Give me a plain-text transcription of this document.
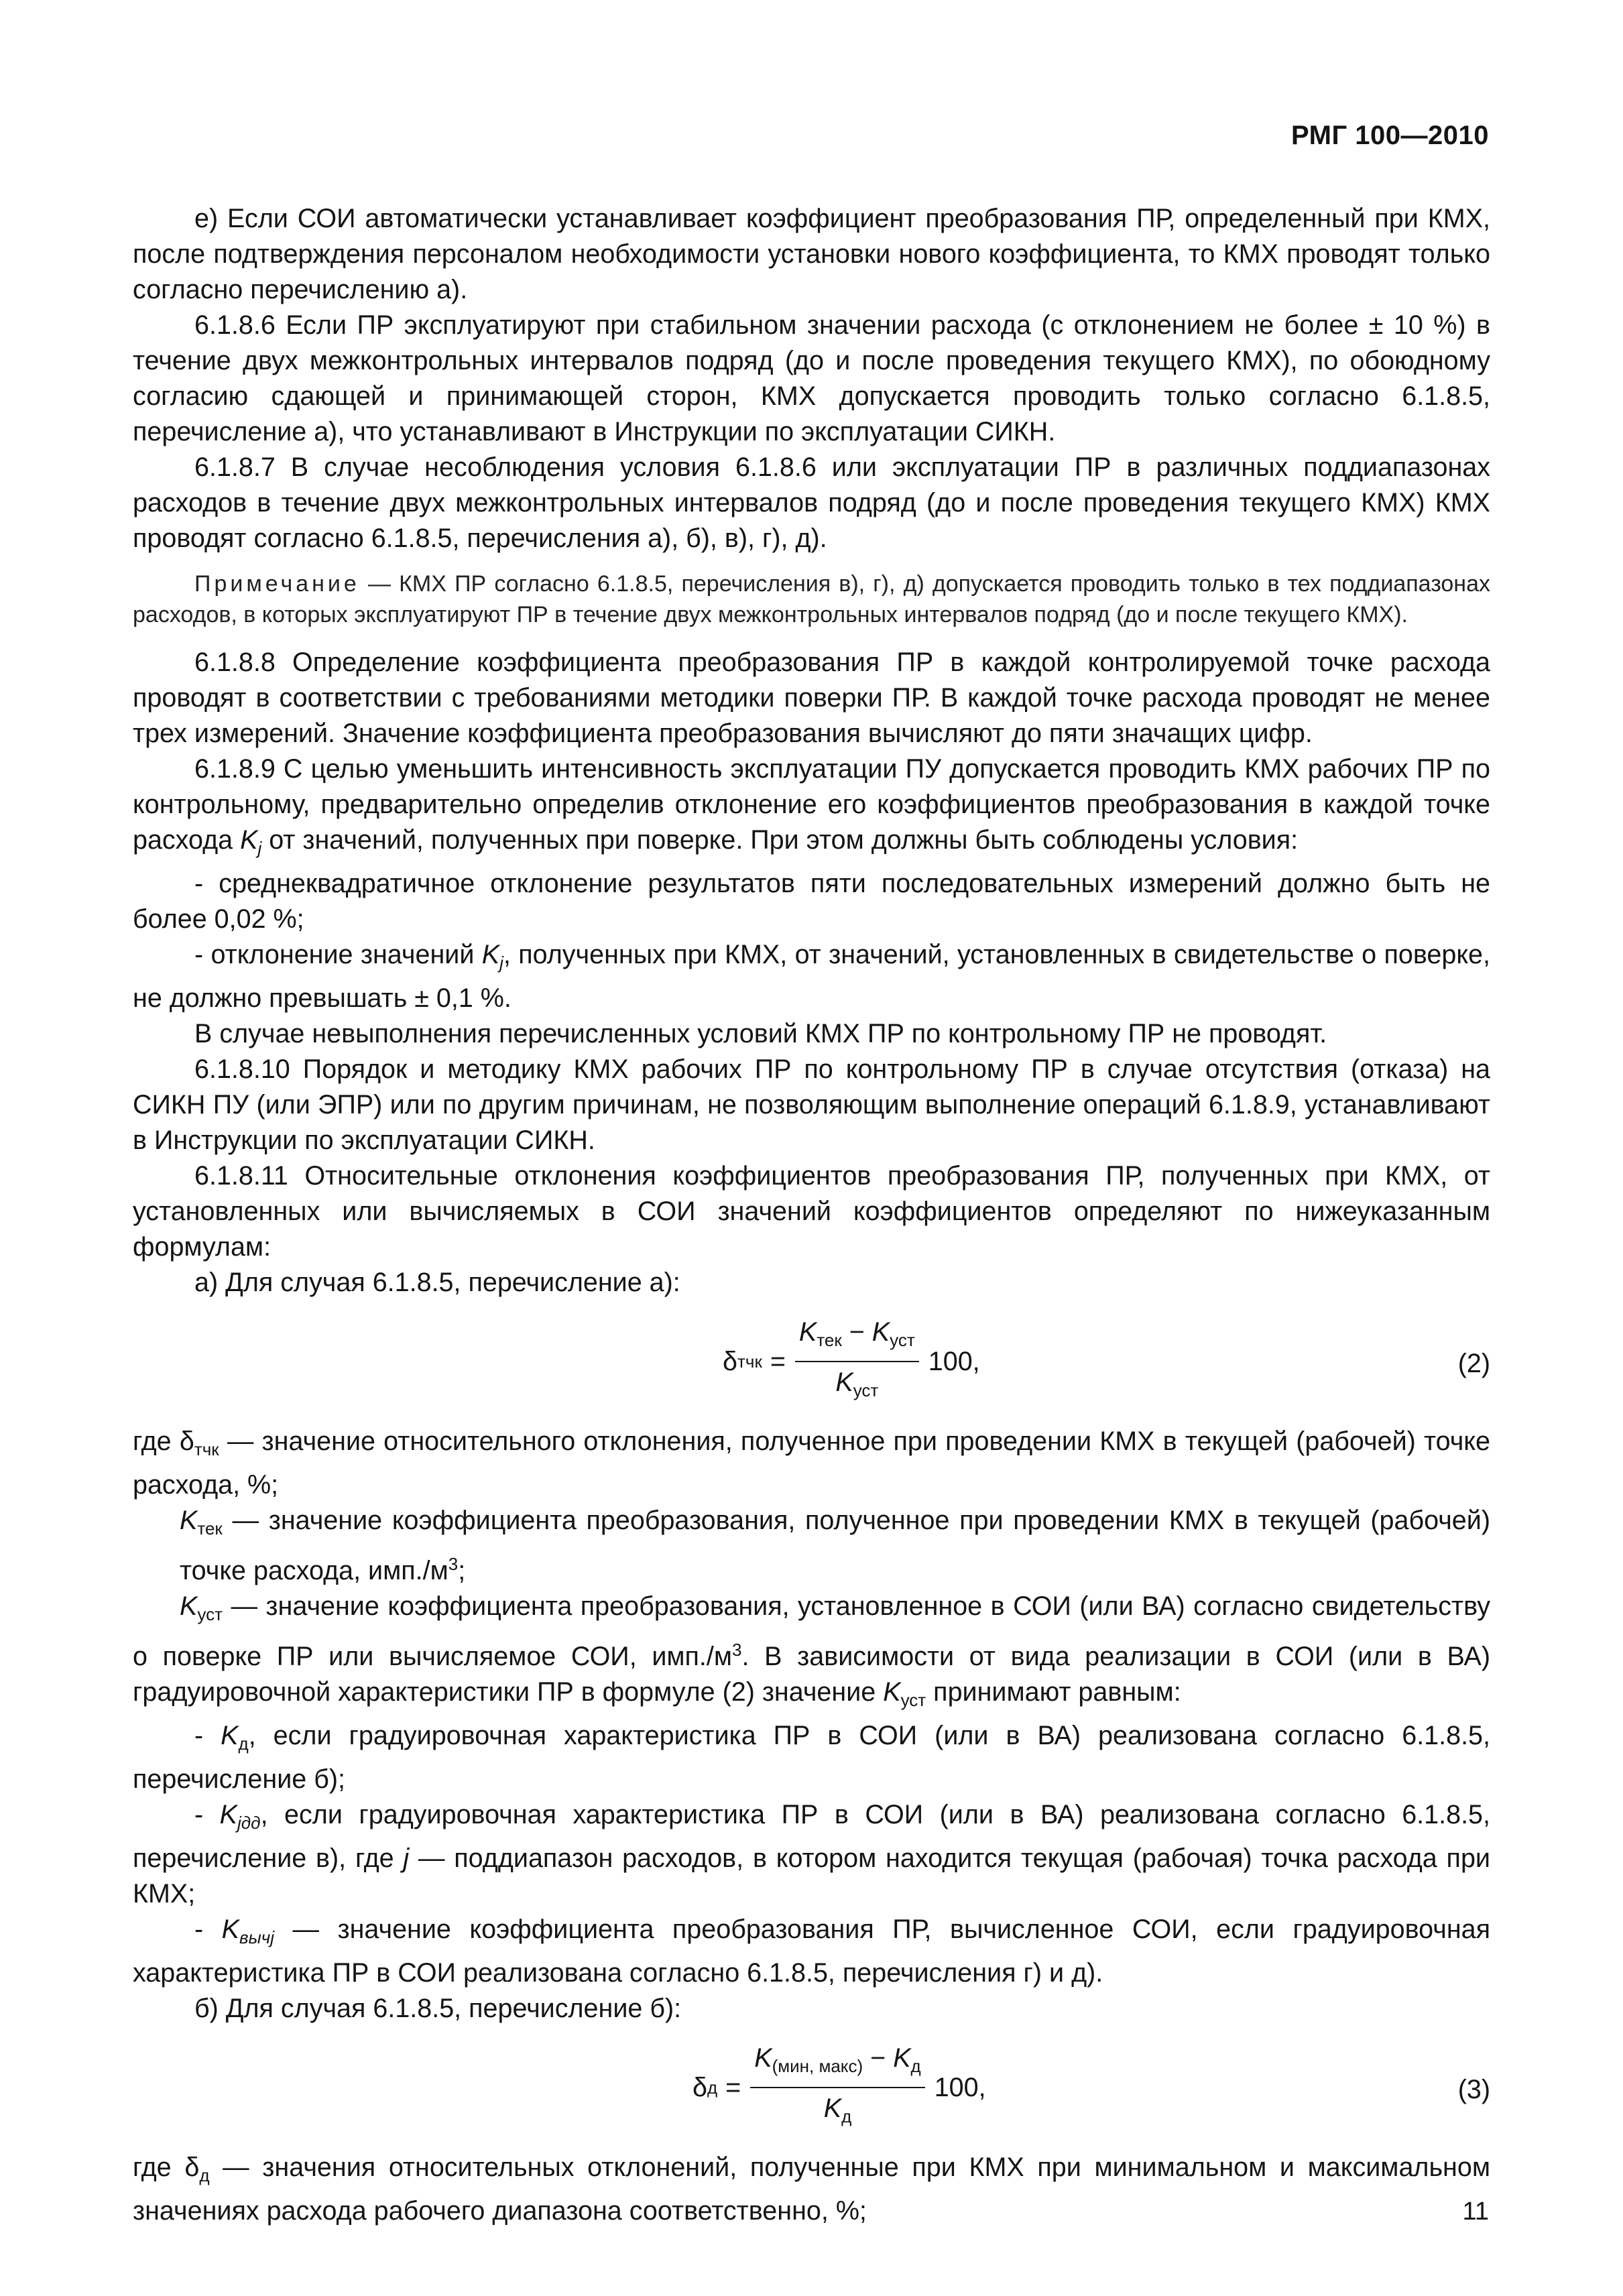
РМГ 100—2010

е) Если СОИ автоматически устанавливает коэффициент преобразования ПР, определенный при КМХ, после подтверждения персоналом необходимости установки нового коэффициента, то КМХ проводят только согласно перечислению а).

6.1.8.6 Если ПР эксплуатируют при стабильном значении расхода (с отклонением не более ± 10 %) в течение двух межконтрольных интервалов подряд (до и после проведения текущего КМХ), по обоюдному согласию сдающей и принимающей сторон, КМХ допускается проводить только согласно 6.1.8.5, перечисление а), что устанавливают в Инструкции по эксплуатации СИКН.

6.1.8.7 В случае несоблюдения условия 6.1.8.6 или эксплуатации ПР в различных поддиапазонах расходов в течение двух межконтрольных интервалов подряд (до и после проведения текущего КМХ) КМХ проводят согласно 6.1.8.5, перечисления а), б), в), г), д).

Примечание — КМХ ПР согласно 6.1.8.5, перечисления в), г), д) допускается проводить только в тех поддиапазонах расходов, в которых эксплуатируют ПР в течение двух межконтрольных интервалов подряд (до и после текущего КМХ).

6.1.8.8 Определение коэффициента преобразования ПР в каждой контролируемой точке расхода проводят в соответствии с требованиями методики поверки ПР. В каждой точке расхода проводят не менее трех измерений. Значение коэффициента преобразования вычисляют до пяти значащих цифр.

6.1.8.9 С целью уменьшить интенсивность эксплуатации ПУ допускается проводить КМХ рабочих ПР по контрольному, предварительно определив отклонение его коэффициентов преобразования в каждой точке расхода $K_j$ от значений, полученных при поверке. При этом должны быть соблюдены условия:

- среднеквадратичное отклонение результатов пяти последовательных измерений должно быть не более 0,02 %;

- отклонение значений $K_j$, полученных при КМХ, от значений, установленных в свидетельстве о поверке, не должно превышать ± 0,1 %.

В случае невыполнения перечисленных условий КМХ ПР по контрольному ПР не проводят.

6.1.8.10 Порядок и методику КМХ рабочих ПР по контрольному ПР в случае отсутствия (отказа) на СИКН ПУ (или ЭПР) или по другим причинам, не позволяющим выполнение операций 6.1.8.9, устанавливают в Инструкции по эксплуатации СИКН.

6.1.8.11 Относительные отклонения коэффициентов преобразования ПР, полученных при КМХ, от установленных или вычисляемых в СОИ значений коэффициентов определяют по нижеуказанным формулам:

а) Для случая 6.1.8.5, перечисление а):

δ тчк = $\frac{K_{тек} - K_{уст}}{K_{уст}} 100$,	(2)

где $\delta_{тчк}$ — значение относительного отклонения, полученное при проведении КМХ в текущей (рабочей) точке расхода, %;

$K_{тек}$ — значение коэффициента преобразования, полученное при проведении КМХ в текущей (рабочей) точке расхода, $имп./м^3$;

$K_{уст}$ — значение коэффициента преобразования, установленное в СОИ (или ВА) согласно свидетельству о поверке ПР или вычисляемое СОИ, $имп./м^3$. В зависимости от вида реализации в СОИ (или в ВА) градуировочной характеристики ПР в формуле (2) значение $K_{уст}$ принимают равным:

- $K_д$, если градуировочная характеристика ПР в СОИ (или в ВА) реализована согласно 6.1.8.5, перечисление б);

- $K_{jдд}$, если градуировочная характеристика ПР в СОИ (или в ВА) реализована согласно 6.1.8.5, перечисление в), где j — поддиапазон расходов, в котором находится текущая (рабочая) точка расхода при КМХ;

- $K_{вычj}$ — значение коэффициента преобразования ПР, вычисленное СОИ, если градуировочная характеристика ПР в СОИ реализована согласно 6.1.8.5, перечисления г) и д).

б) Для случая 6.1.8.5, перечисление б):

δ $д = \frac{K_{(мин, макс)} - K_д}{K_д} 100$,	(3)

где $\delta_д$ — значения относительных отклонений, полученные при КМХ при минимальном и максимальном значениях расхода рабочего диапазона соответственно, %;	11
